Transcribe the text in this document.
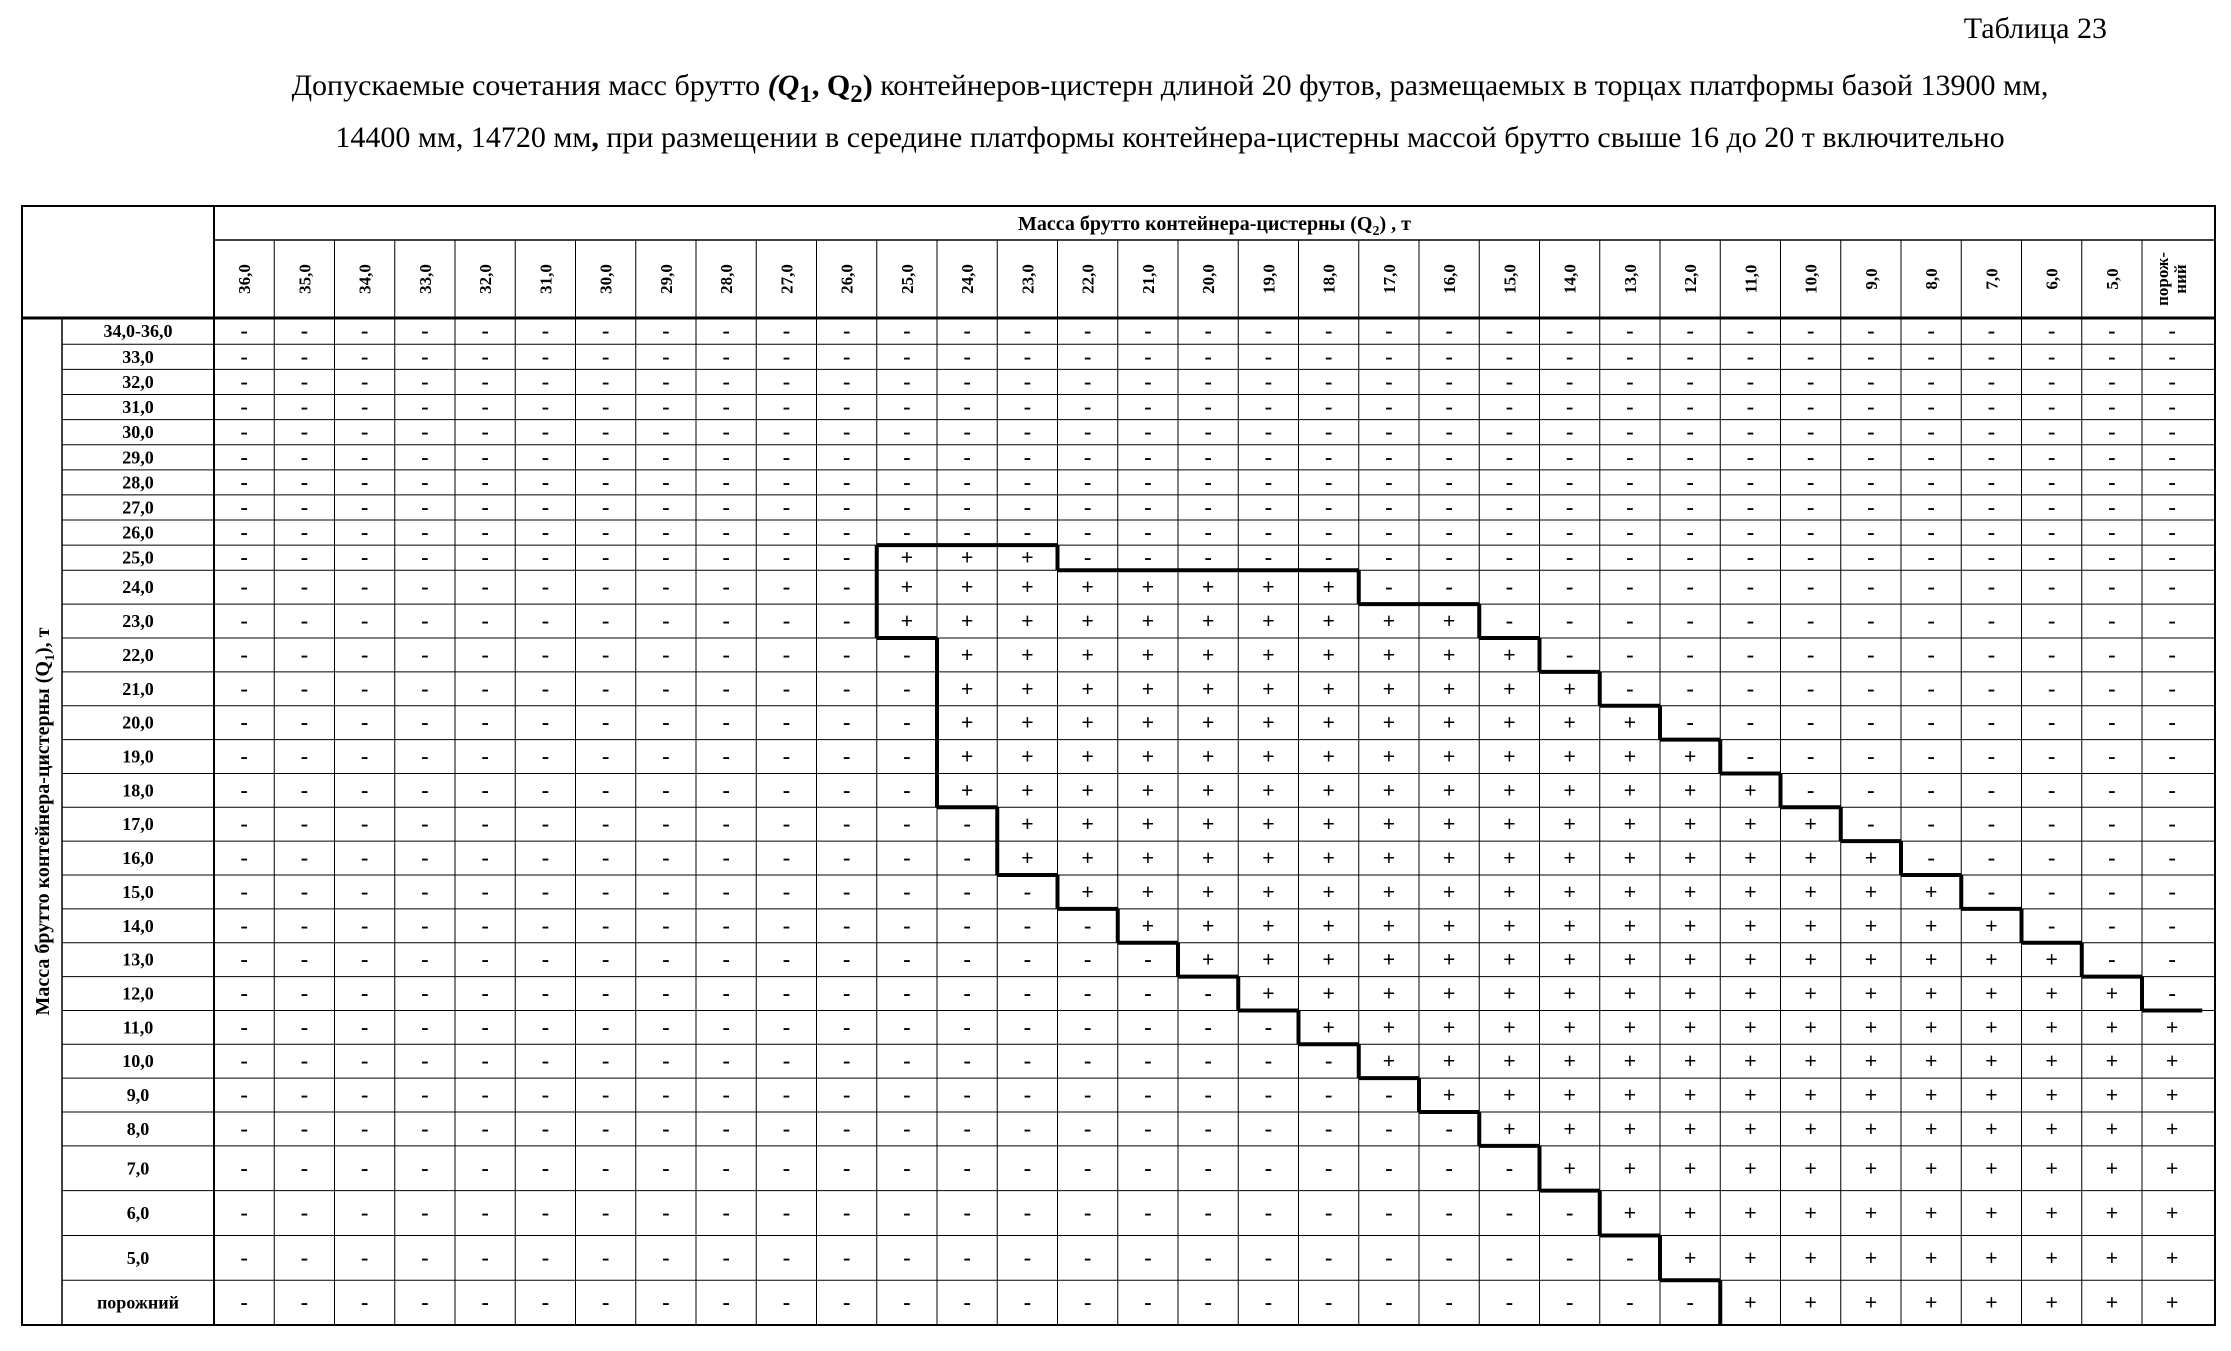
Таблица 23
Допускаемые сочетания масс брутто ($Q_1$, $Q_2$) контейнеров-цистерн длиной 20 футов, размещаемых в торцах платформы базой 13900 мм,
14400 мм, 14720 мм, при размещении в середине платформы контейнера-цистерны массой брутто свыше 16 до 20 т включительно
Масса брутто контейнера-цистерны $(Q_2)$ , т
36,0 35,0 34,0 33,0 32,0 31,0 30,0 29,0 28,0 27,0 26,0 25,0 24,0 23,0 22,0 21,0 20,0 19,0 18,0 17,0 16,0 15,0 14,0 13,0 12,0 11,0 10,0 9,0 8,0 7,0 6,0 5,0 порож-ний
Масса брутто контейнера-цистерны $(Q_1)$, т
34,0-36,0	- - - - - - - - - - - - - - - - - - - - - - - - - - - - - - - - -
33,0	- - - - - - - - - - - - - - - - - - - - - - - - - - - - - - - - -
32,0	- - - - - - - - - - - - - - - - - - - - - - - - - - - - - - - - -
31,0	- - - - - - - - - - - - - - - - - - - - - - - - - - - - - - - - -
30,0	- - - - - - - - - - - - - - - - - - - - - - - - - - - - - - - - -
29,0	- - - - - - - - - - - - - - - - - - - - - - - - - - - - - - - - -
28,0	- - - - - - - - - - - - - - - - - - - - - - - - - - - - - - - - -
27,0	- - - - - - - - - - - - - - - - - - - - - - - - - - - - - - - - -
26,0	- - - - - - - - - - - - - - - - - - - - - - - - - - - - - - - - -
25,0	- - - - - - - - - - - + + + - - - - - - - - - - - - - - - - - - -
24,0	- - - - - - - - - - - + + + + + + + + - - - - - - - - - - - - - -
23,0	- - - - - - - - - - - + + + + + + + + + + - - - - - - - - - - - -
22,0	- - - - - - - - - - - - + + + + + + + + + + - - - - - - - - - - -
21,0	- - - - - - - - - - - - + + + + + + + + + + + - - - - - - - - - -
20,0	- - - - - - - - - - - - + + + + + + + + + + + + - - - - - - - - -
19,0	- - - - - - - - - - - - + + + + + + + + + + + + + - - - - - - - -
18,0	- - - - - - - - - - - - + + + + + + + + + + + + + + - - - - - - -
17,0	- - - - - - - - - - - - - + + + + + + + + + + + + + + - - - - - -
16,0	- - - - - - - - - - - - - + + + + + + + + + + + + + + + - - - - -
15,0	- - - - - - - - - - - - - - + + + + + + + + + + + + + + + - - - -
14,0	- - - - - - - - - - - - - - - + + + + + + + + + + + + + + + - - -
13,0	- - - - - - - - - - - - - - - - + + + + + + + + + + + + + + + - -
12,0	- - - - - - - - - - - - - - - - - + + + + + + + + + + + + + + + -
11,0	- - - - - - - - - - - - - - - - - - + + + + + + + + + + + + + + +
10,0	- - - - - - - - - - - - - - - - - - - + + + + + + + + + + + + + +
9,0	- - - - - - - - - - - - - - - - - - - - + + + + + + + + + + + + +
8,0	- - - - - - - - - - - - - - - - - - - - - + + + + + + + + + + + +
7,0	- - - - - - - - - - - - - - - - - - - - - - + + + + + + + + + + +
6,0	- - - - - - - - - - - - - - - - - - - - - - - + + + + + + + + + +
5,0	- - - - - - - - - - - - - - - - - - - - - - - - + + + + + + + + +
порожний	- - - - - - - - - - - - - - - - - - - - - - - - - + + + + + + + +
